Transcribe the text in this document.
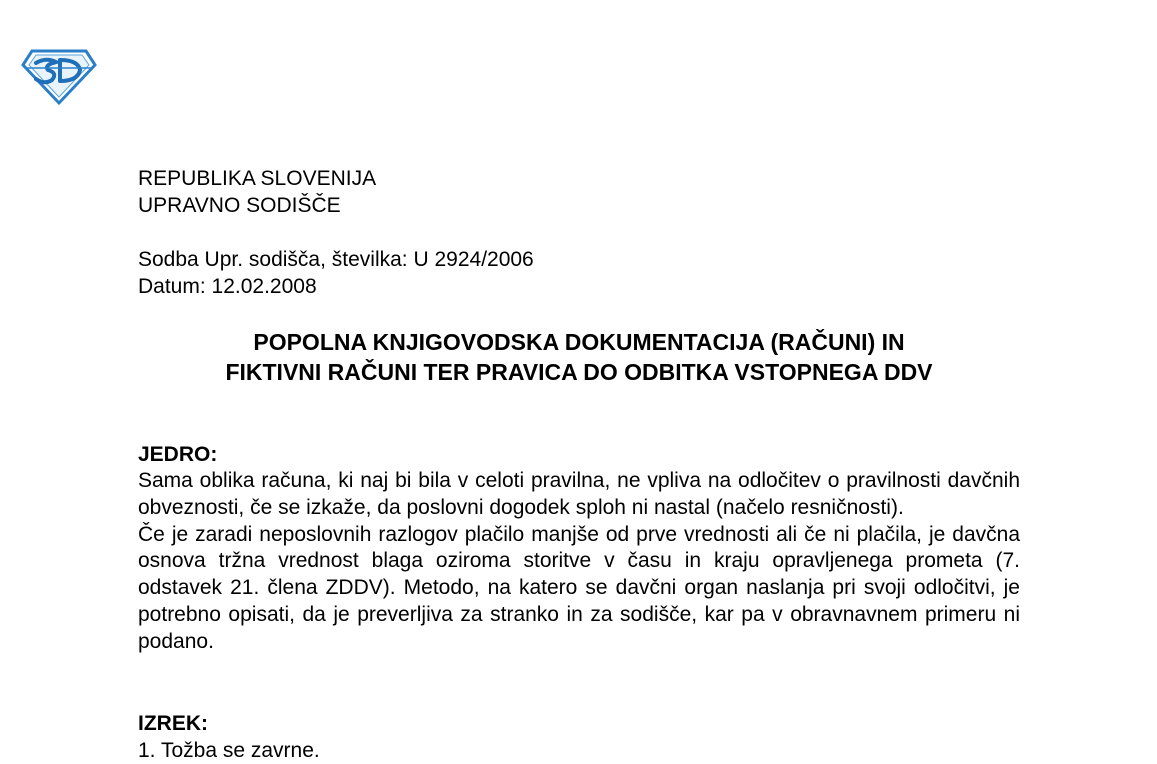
REPUBLIKA SLOVENIJA
UPRAVNO SODIŠČE
Sodba Upr. sodišča, številka: U 2924/2006
Datum: 12.02.2008
POPOLNA KNJIGOVODSKA DOKUMENTACIJA (RAČUNI) IN
FIKTIVNI RAČUNI TER PRAVICA DO ODBITKA VSTOPNEGA DDV
JEDRO:

Sama oblika računa, ki naj bi bila v celoti pravilna, ne vpliva na odločitev o pravilnosti davčnih obveznosti, če se izkaže, da poslovni dogodek sploh ni nastal (načelo resničnosti).

Če je zaradi neposlovnih razlogov plačilo manjše od prve vrednosti ali če ni plačila, je davčna osnova tržna vrednost blaga oziroma storitve v času in kraju opravljenega prometa (7. odstavek 21. člena ZDDV). Metodo, na katero se davčni organ naslanja pri svoji odločitvi, je potrebno opisati, da je preverljiva za stranko in za sodišče, kar pa v obravnavnem primeru ni podano.

IZREK:
1. Tožba se zavrne.
